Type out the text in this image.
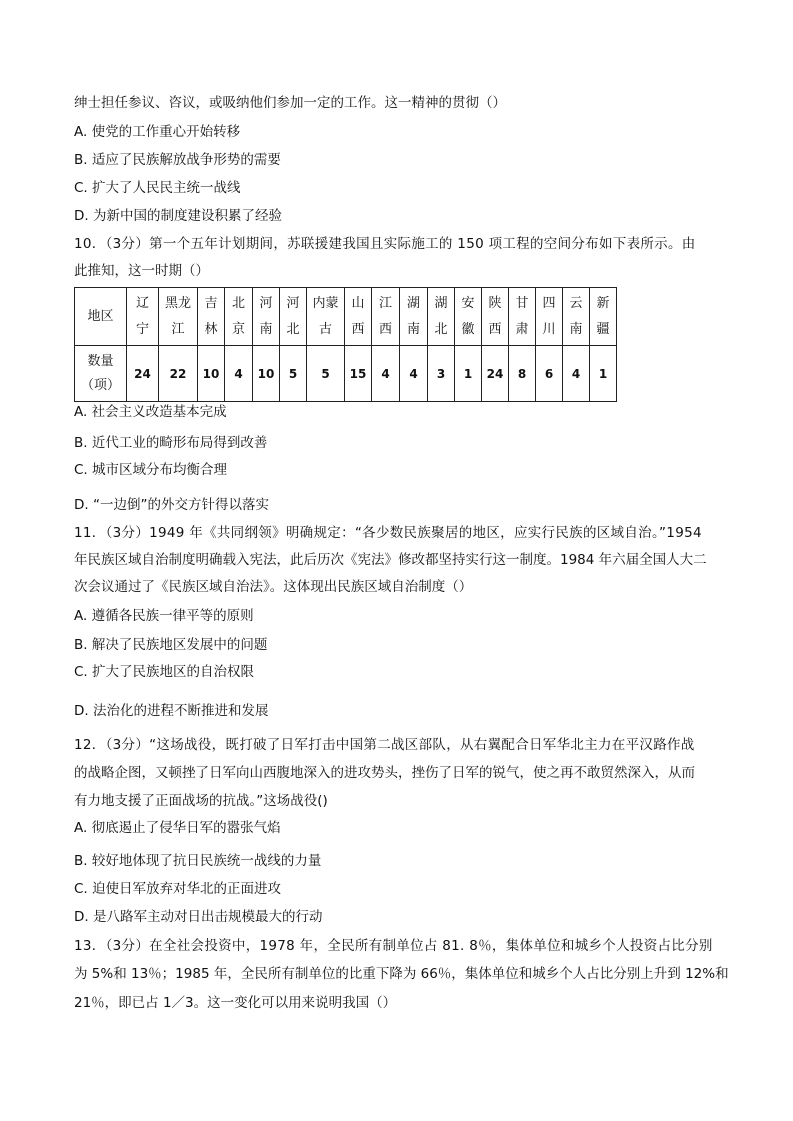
绅士担任参议、咨议，或吸纳他们参加一定的工作。这一精神的贯彻（）
A. 使党的工作重心开始转移
B. 适应了民族解放战争形势的需要
C. 扩大了人民民主统一战线
D. 为新中国的制度建设积累了经验
10．（3分）第一个五年计划期间，苏联援建我国且实际施工的 150 项工程的空间分布如下表所示。由
此推知，这一时期（）
地区	辽宁	黑龙江	吉林	北京	河南	河北	内蒙古	山西	江西	湖南	湖北	安徽	陕西	甘肃	四川	云南	新疆

数量
（项）	24	22	10	4	10	5	5	15	4	4	3	1	24	8	6	4	1
A. 社会主义改造基本完成
B. 近代工业的畸形布局得到改善
C. 城市区域分布均衡合理
D. “一边倒”的外交方针得以落实
11．（3分）1949 年《共同纲领》明确规定：“各少数民族聚居的地区，应实行民族的区域自治。”1954
年民族区域自治制度明确载入宪法，此后历次《宪法》修改都坚持实行这一制度。1984 年六届全国人大二
次会议通过了《民族区域自治法》。这体现出民族区域自治制度（）
A. 遵循各民族一律平等的原则
B. 解决了民族地区发展中的问题
C. 扩大了民族地区的自治权限
D. 法治化的进程不断推进和发展
12．（3分）“这场战役，既打破了日军打击中国第二战区部队，从右翼配合日军华北主力在平汉路作战
的战略企图，又顿挫了日军向山西腹地深入的进攻势头，挫伤了日军的锐气，使之再不敢贸然深入，从而
有力地支援了正面战场的抗战。”这场战役()
A. 彻底遏止了侵华日军的嚣张气焰
B. 较好地体现了抗日民族统一战线的力量
C. 迫使日军放弃对华北的正面进攻
D. 是八路军主动对日出击规模最大的行动
13．（3分）在全社会投资中，1978 年，全民所有制单位占 81. 8％，集体单位和城乡个人投资占比分别
为 5%和 13％；1985 年，全民所有制单位的比重下降为 66％，集体单位和城乡个人占比分别上升到 12%和
21％，即已占 1／3。这一变化可以用来说明我国（）
